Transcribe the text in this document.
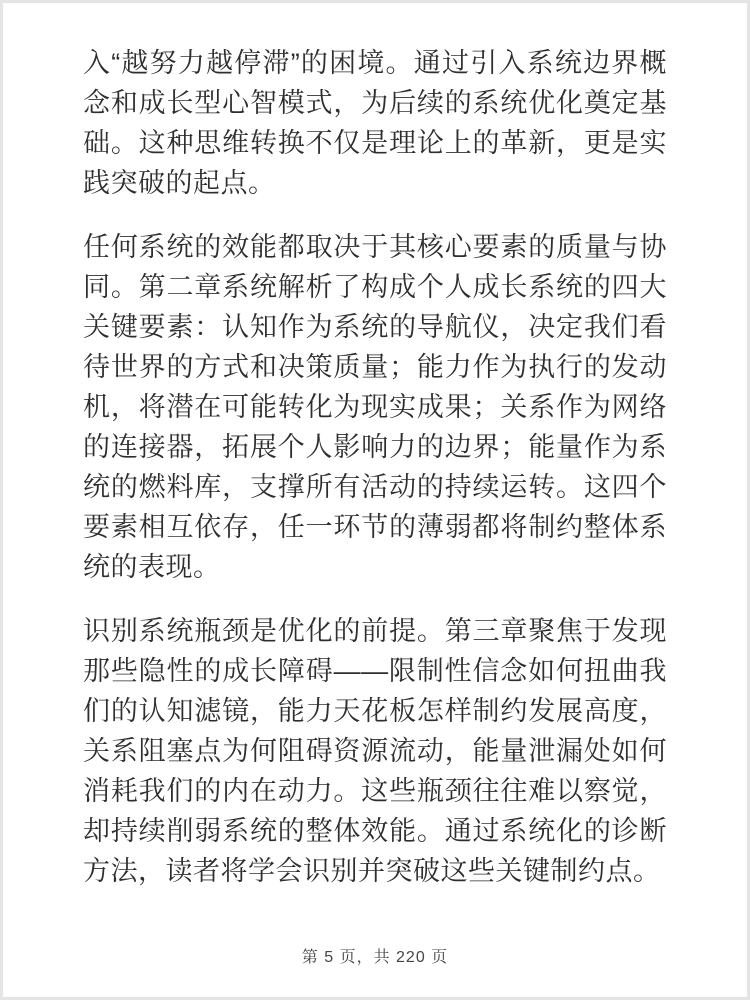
入“越努力越停滞”的困境。通过引入系统边界概念和成长型心智模式，为后续的系统优化奠定基础。这种思维转换不仅是理论上的革新，更是实践突破的起点。

任何系统的效能都取决于其核心要素的质量与协同。第二章系统解析了构成个人成长系统的四大关键要素：认知作为系统的导航仪，决定我们看待世界的方式和决策质量；能力作为执行的发动机，将潜在可能转化为现实成果；关系作为网络的连接器，拓展个人影响力的边界；能量作为系统的燃料库，支撑所有活动的持续运转。这四个要素相互依存，任一环节的薄弱都将制约整体系统的表现。

识别系统瓶颈是优化的前提。第三章聚焦于发现那些隐性的成长障碍——限制性信念如何扭曲我们的认知滤镜，能力天花板怎样制约发展高度，关系阻塞点为何阻碍资源流动，能量泄漏处如何消耗我们的内在动力。这些瓶颈往往难以察觉，却持续削弱系统的整体效能。通过系统化的诊断方法，读者将学会识别并突破这些关键制约点。

第 5 页，共 220 页
